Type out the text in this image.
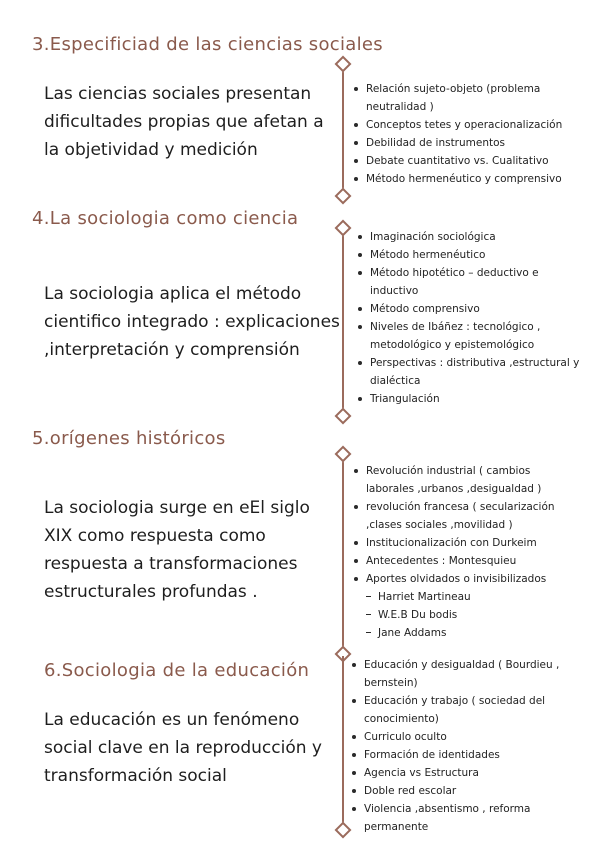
3.Especificiad de las ciencias sociales
Las ciencias sociales presentan dificultades propias que afetan a la objetividad y medición
Relación sujeto-objeto (problema neutralidad )
Conceptos tetes y operacionalización
Debilidad de instrumentos
Debate cuantitativo vs. Cualitativo
Método hermenéutico y comprensivo
4.La sociologia como ciencia
La sociologia aplica el método cientifico integrado : explicaciones ,interpretación y comprensión
Imaginación sociológica
Método hermenéutico
Método hipotético – deductivo e inductivo
Método comprensivo
Niveles de Ibáñez : tecnológico , metodológico y epistemológico
Perspectivas : distributiva ,estructural y dialéctica
Triangulación
5.orígenes históricos
La sociologia surge en eEl siglo XIX como respuesta como respuesta a transformaciones estructurales profundas .
Revolución industrial ( cambios laborales ,urbanos ,desigualdad )
revolución francesa ( secularización ,clases sociales ,movilidad )
Institucionalización con Durkeim
Antecedentes : Montesquieu
Aportes olvidados o invisibilizados
Harriet Martineau
W.E.B Du bodis
Jane Addams
6.Sociologia de la educación
La educación es un fenómeno social clave en la reproducción y transformación social
Educación y desigualdad ( Bourdieu , bernstein)
Educación y trabajo ( sociedad del conocimiento)
Curriculo oculto
Formación de identidades
Agencia vs Estructura
Doble red escolar
Violencia ,absentismo , reforma permanente
